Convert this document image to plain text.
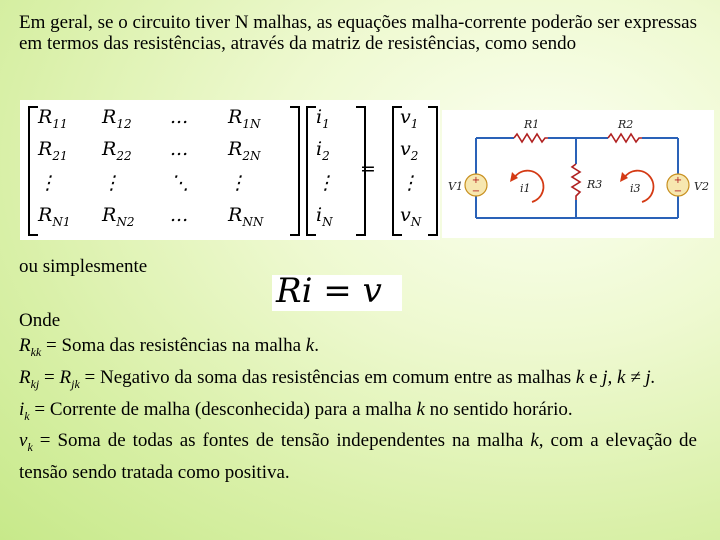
Em geral, se o circuito tiver N malhas, as equações malha-corrente poderão ser expressas em termos das resistências, através da matriz de resistências, como sendo
$R_{11}$ $R_{12}$ ... $R_{1N}$
$R_{21}$ $R_{22}$ ... $R_{2N}$
⋮ ⋮	⋱ ⋮
$R_{N1}$ $R_{N2}$ ... $R_{NN}$
$i_1$
$i_2$
⋮
$i_N$
=
$v_1$
$v_2$
⋮
$v_N$
+
−
+
−
R1	R2
R3
V1	V2
i1	i3
ou simplesmente
Ri = v

Onde

$R_{kk}$ = Soma das resistências na malha k.

$R_{kj} = R_{jk}$ = Negativo da soma das resistências em comum entre as malhas k e j, k ≠ j.

$i_k$ = Corrente de malha (desconhecida) para a malha k no sentido horário.

$v_k$ = Soma de todas as fontes de tensão independentes na malha k, com a elevação de tensão sendo tratada como positiva.
